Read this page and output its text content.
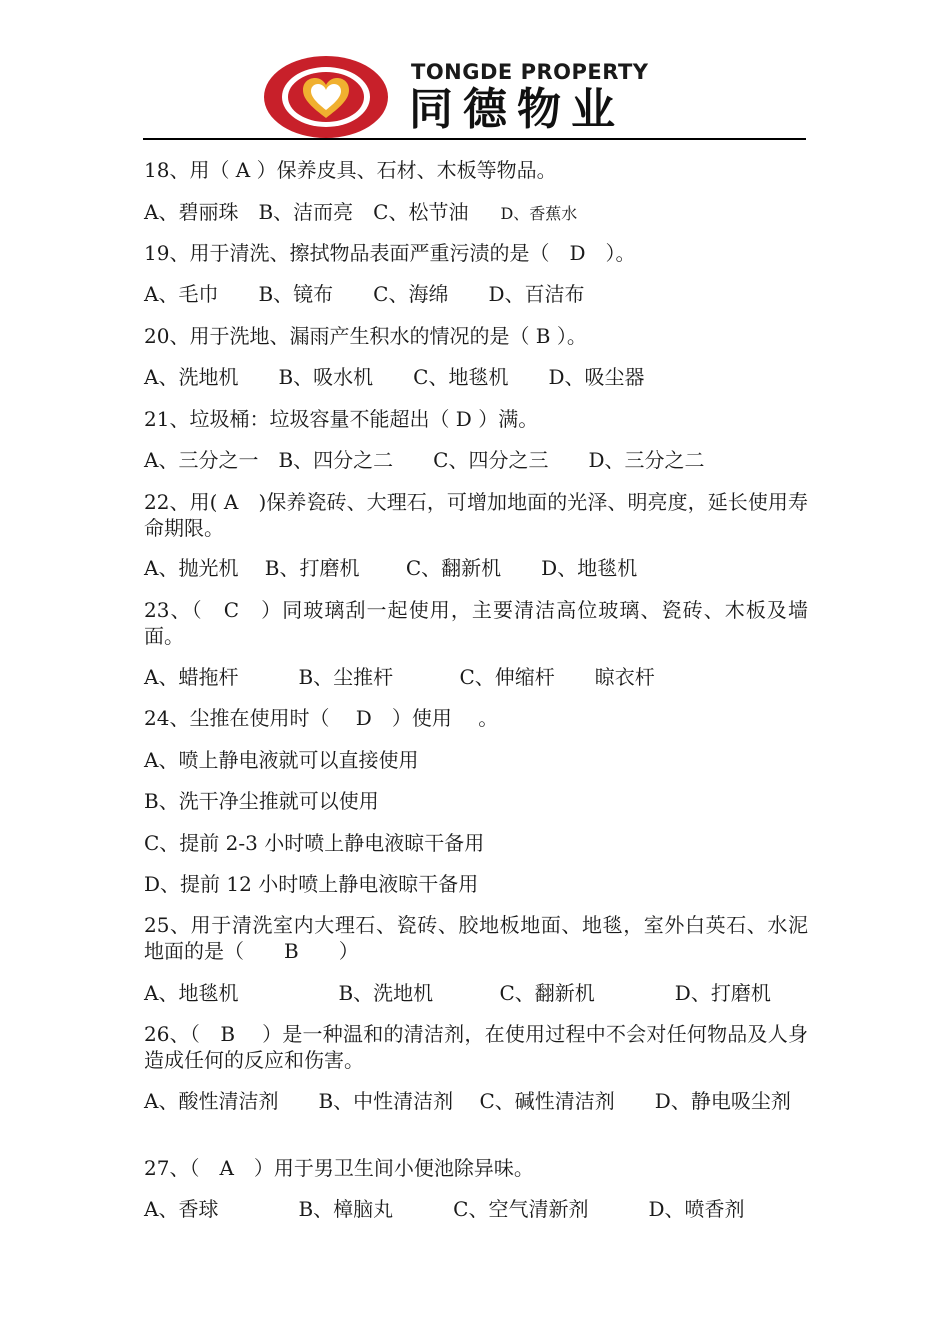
TONGDE PROPERTY
同德物业
18、用（ A ）保养皮具、石材、木板等物品。
A、碧丽珠　B、洁而亮　C、松节油　　D、香蕉水
19、用于清洗、擦拭物品表面严重污渍的是（　D　）。
A、毛巾　　B、镜布　　C、海绵　　D、百洁布
20、用于洗地、漏雨产生积水的情况的是（ B ）。
A、洗地机　　B、吸水机　　C、地毯机　　D、吸尘器
21、垃圾桶：垃圾容量不能超出（ D ）满。
A、三分之一　B、四分之二　　C、四分之三　　D、三分之二
22、用( A　)保养瓷砖、大理石，可增加地面的光泽、明亮度，延长使用寿命期限。
A、抛光机　 B、打磨机　　 C、翻新机　　D、地毯机
23、（　C　）同玻璃刮一起使用，主要清洁高位玻璃、瓷砖、木板及墙面。
A、蜡拖杆　　　B、尘推杆　　　 C、伸缩杆　　晾衣杆
24、尘推在使用时（　 D　）使用　 。
A、喷上静电液就可以直接使用
B、洗干净尘推就可以使用
C、提前 2-3 小时喷上静电液晾干备用
D、提前 12 小时喷上静电液晾干备用
25、用于清洗室内大理石、瓷砖、胶地板地面、地毯，室外白英石、水泥地面的是（　　B　　）
A、地毯机　　　　　B、洗地机　　　 C、翻新机　　　　D、打磨机
26、（　B　 ）是一种温和的清洁剂，在使用过程中不会对任何物品及人身造成任何的反应和伤害。
A、酸性清洁剂　　B、中性清洁剂　 C、碱性清洁剂　　D、静电吸尘剂
27、（　A　）用于男卫生间小便池除异味。
A、香球　　　　B、樟脑丸　　　C、空气清新剂　　　D、喷香剂
